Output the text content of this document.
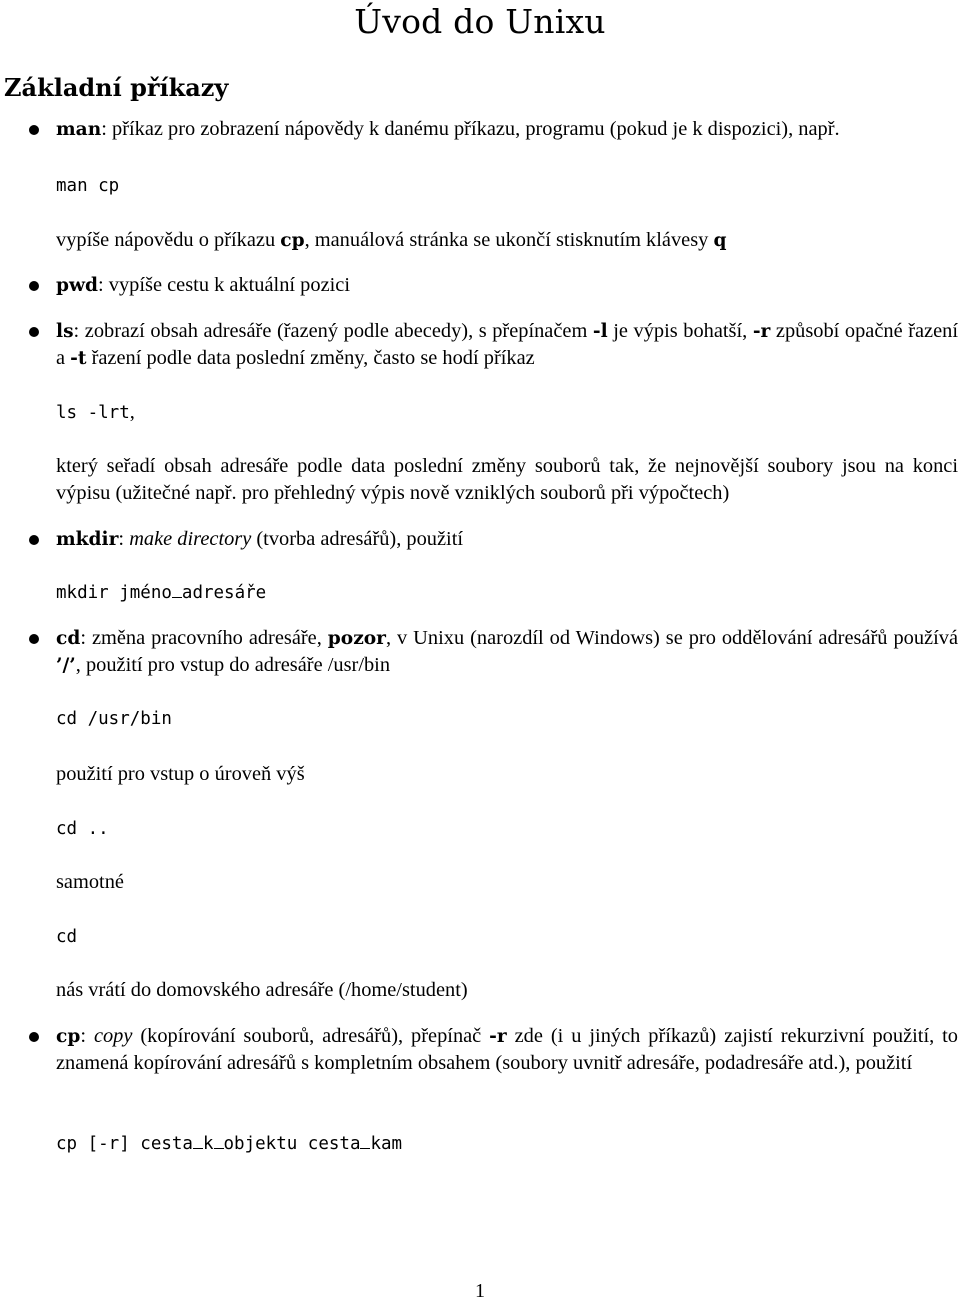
Úvod do Unixu
Základní příkazy

man: příkaz pro zobrazení nápovědy k danému příkazu, programu (pokud je k dispozici), např.

man cp

vypíše nápovědu o příkazu cp, manuálová stránka se ukončí stisknutím klávesy q

pwd: vypíše cestu k aktuální pozici

ls: zobrazí obsah adresáře (řazený podle abecedy), s přepínačem -l je výpis bohatší, -r způsobí opačné řazení a -t řazení podle data poslední změny, často se hodí příkaz

ls -lrt,

který seřadí obsah adresáře podle data poslední změny souborů tak, že nejnovější soubory jsou na konci výpisu (užitečné např. pro přehledný výpis nově vzniklých souborů při výpočtech)

mkdir: make directory (tvorba adresářů), použití

mkdir jméno adresáře

cd: změna pracovního adresáře, pozor, v Unixu (narozdíl od Windows) se pro oddělování adresářů používá ’/’, použití pro vstup do adresáře /usr/bin

cd /usr/bin

použití pro vstup o úroveň výš

cd ..

samotné

cd

nás vrátí do domovského adresáře (/home/student)

cp: copy (kopírování souborů, adresářů), přepínač -r zde (i u jiných příkazů) zajistí rekurzivní použití, to znamená kopírování adresářů s kompletním obsahem (soubory uvnitř adresáře, podadresáře atd.), použití

cp [-r] cesta k objektu cesta kam

1
